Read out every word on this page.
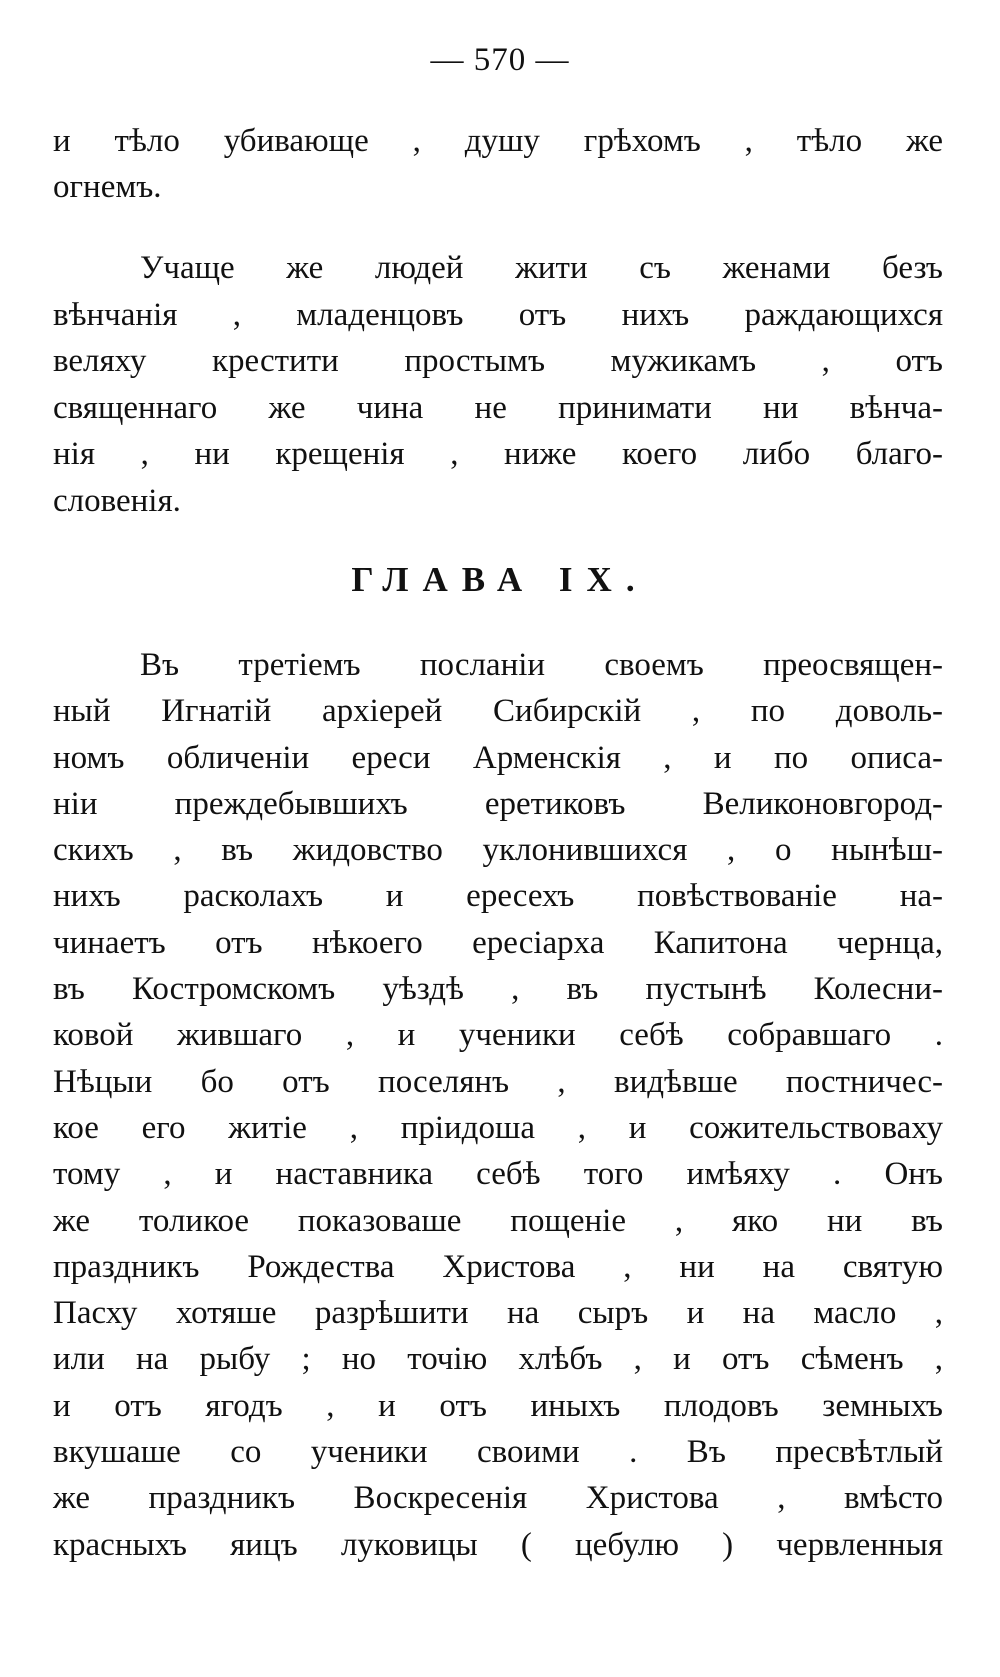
— 570 —
и тѣло убивающе , душу грѣхомъ , тѣло же
огнемъ.
Учаще же людей жити съ женами безъ
вѣнчанія , младенцовъ отъ нихъ раждающихся
веляху крестити простымъ мужикамъ , отъ
священнаго же чина не принимати ни вѣнча-
нія , ни крещенія , ниже коего либо благо-
словенія.
ГЛАВА IX.
Въ третіемъ посланіи своемъ преосвящен-
ный Игнатій архіерей Сибирскій , по доволь-
номъ обличеніи ереси Арменскія , и по описа-
ніи преждебывшихъ еретиковъ Великоновгород-
скихъ , въ жидовство уклонившихся , о нынѣш-
нихъ расколахъ и ересехъ повѣствованіе на-
чинаетъ отъ нѣкоего ересіарха Капитона чернца,
въ Костромскомъ уѣздѣ , въ пустынѣ Колесни-
ковой жившаго , и ученики себѣ собравшаго .
Нѣцыи бо отъ поселянъ , видѣвше постничес-
кое его житіе , пріидоша , и сожительствоваху
тому , и наставника себѣ того имѣяху . Онъ
же толикое показоваше пощеніе , яко ни въ
праздникъ Рождества Христова , ни на святую
Пасху хотяше разрѣшити на сыръ и на масло ,
или на рыбу ; но точію хлѣбъ , и отъ сѣменъ ,
и отъ ягодъ , и отъ иныхъ плодовъ земныхъ
вкушаше со ученики своими . Въ пресвѣтлый
же праздникъ Воскресенія Христова , вмѣсто
красныхъ яицъ луковицы ( цебулю ) червленныя
